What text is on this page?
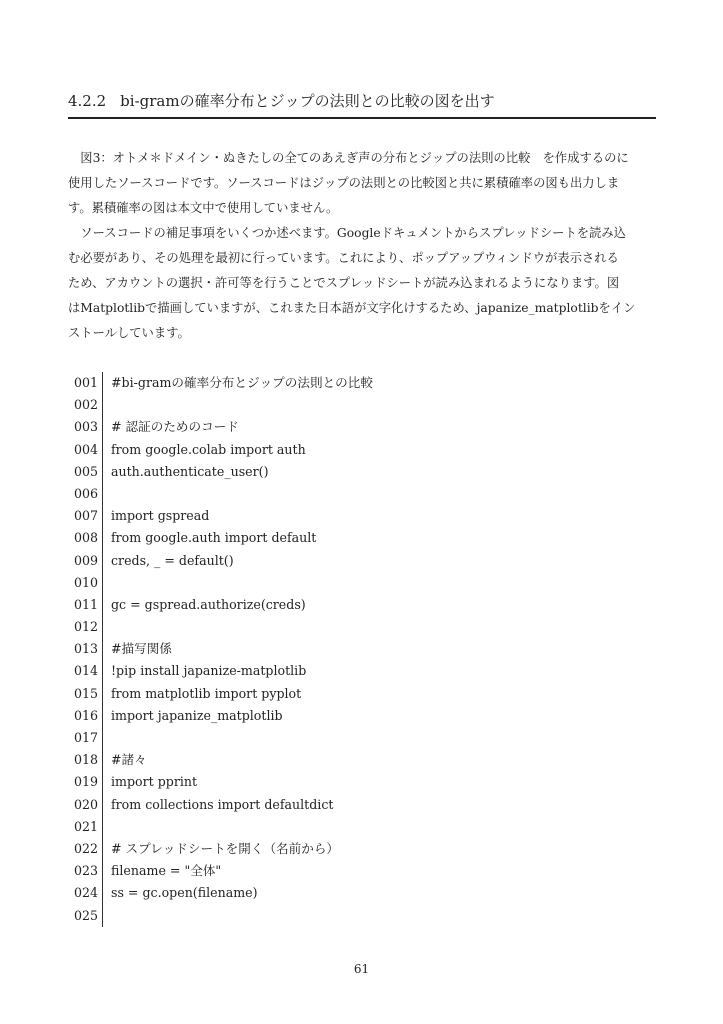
4.2.2 bi-gramの確率分布とジップの法則との比較の図を出す
　図3：オトメ＊ドメイン・ぬきたしの全てのあえぎ声の分布とジップの法則の比較　を作成するのに
使用したソースコードです。ソースコードはジップの法則との比較図と共に累積確率の図も出力しま
す。累積確率の図は本文中で使用していません。
　ソースコードの補足事項をいくつか述べます。Googleドキュメントからスプレッドシートを読み込
む必要があり、その処理を最初に行っています。これにより、ポップアップウィンドウが表示される
ため、アカウントの選択・許可等を行うことでスプレッドシートが読み込まれるようになります。図
はMatplotlibで描画していますが、これまた日本語が文字化けするため、japanize_matplotlibをイン
ストールしています。
001 #bi-gramの確率分布とジップの法則との比較
002
003 # 認証のためのコード
004 from google.colab import auth
005 auth.authenticate_user()
006
007 import gspread
008 from google.auth import default
009 creds, _ = default()
010
011 gc = gspread.authorize(creds)
012
013 #描写関係
014 !pip install japanize-matplotlib
015 from matplotlib import pyplot
016 import japanize_matplotlib
017
018 #諸々
019 import pprint
020 from collections import defaultdict
021
022 # スプレッドシートを開く（名前から）
023 filename = "全体"
024 ss = gc.open(filename)
025
61
